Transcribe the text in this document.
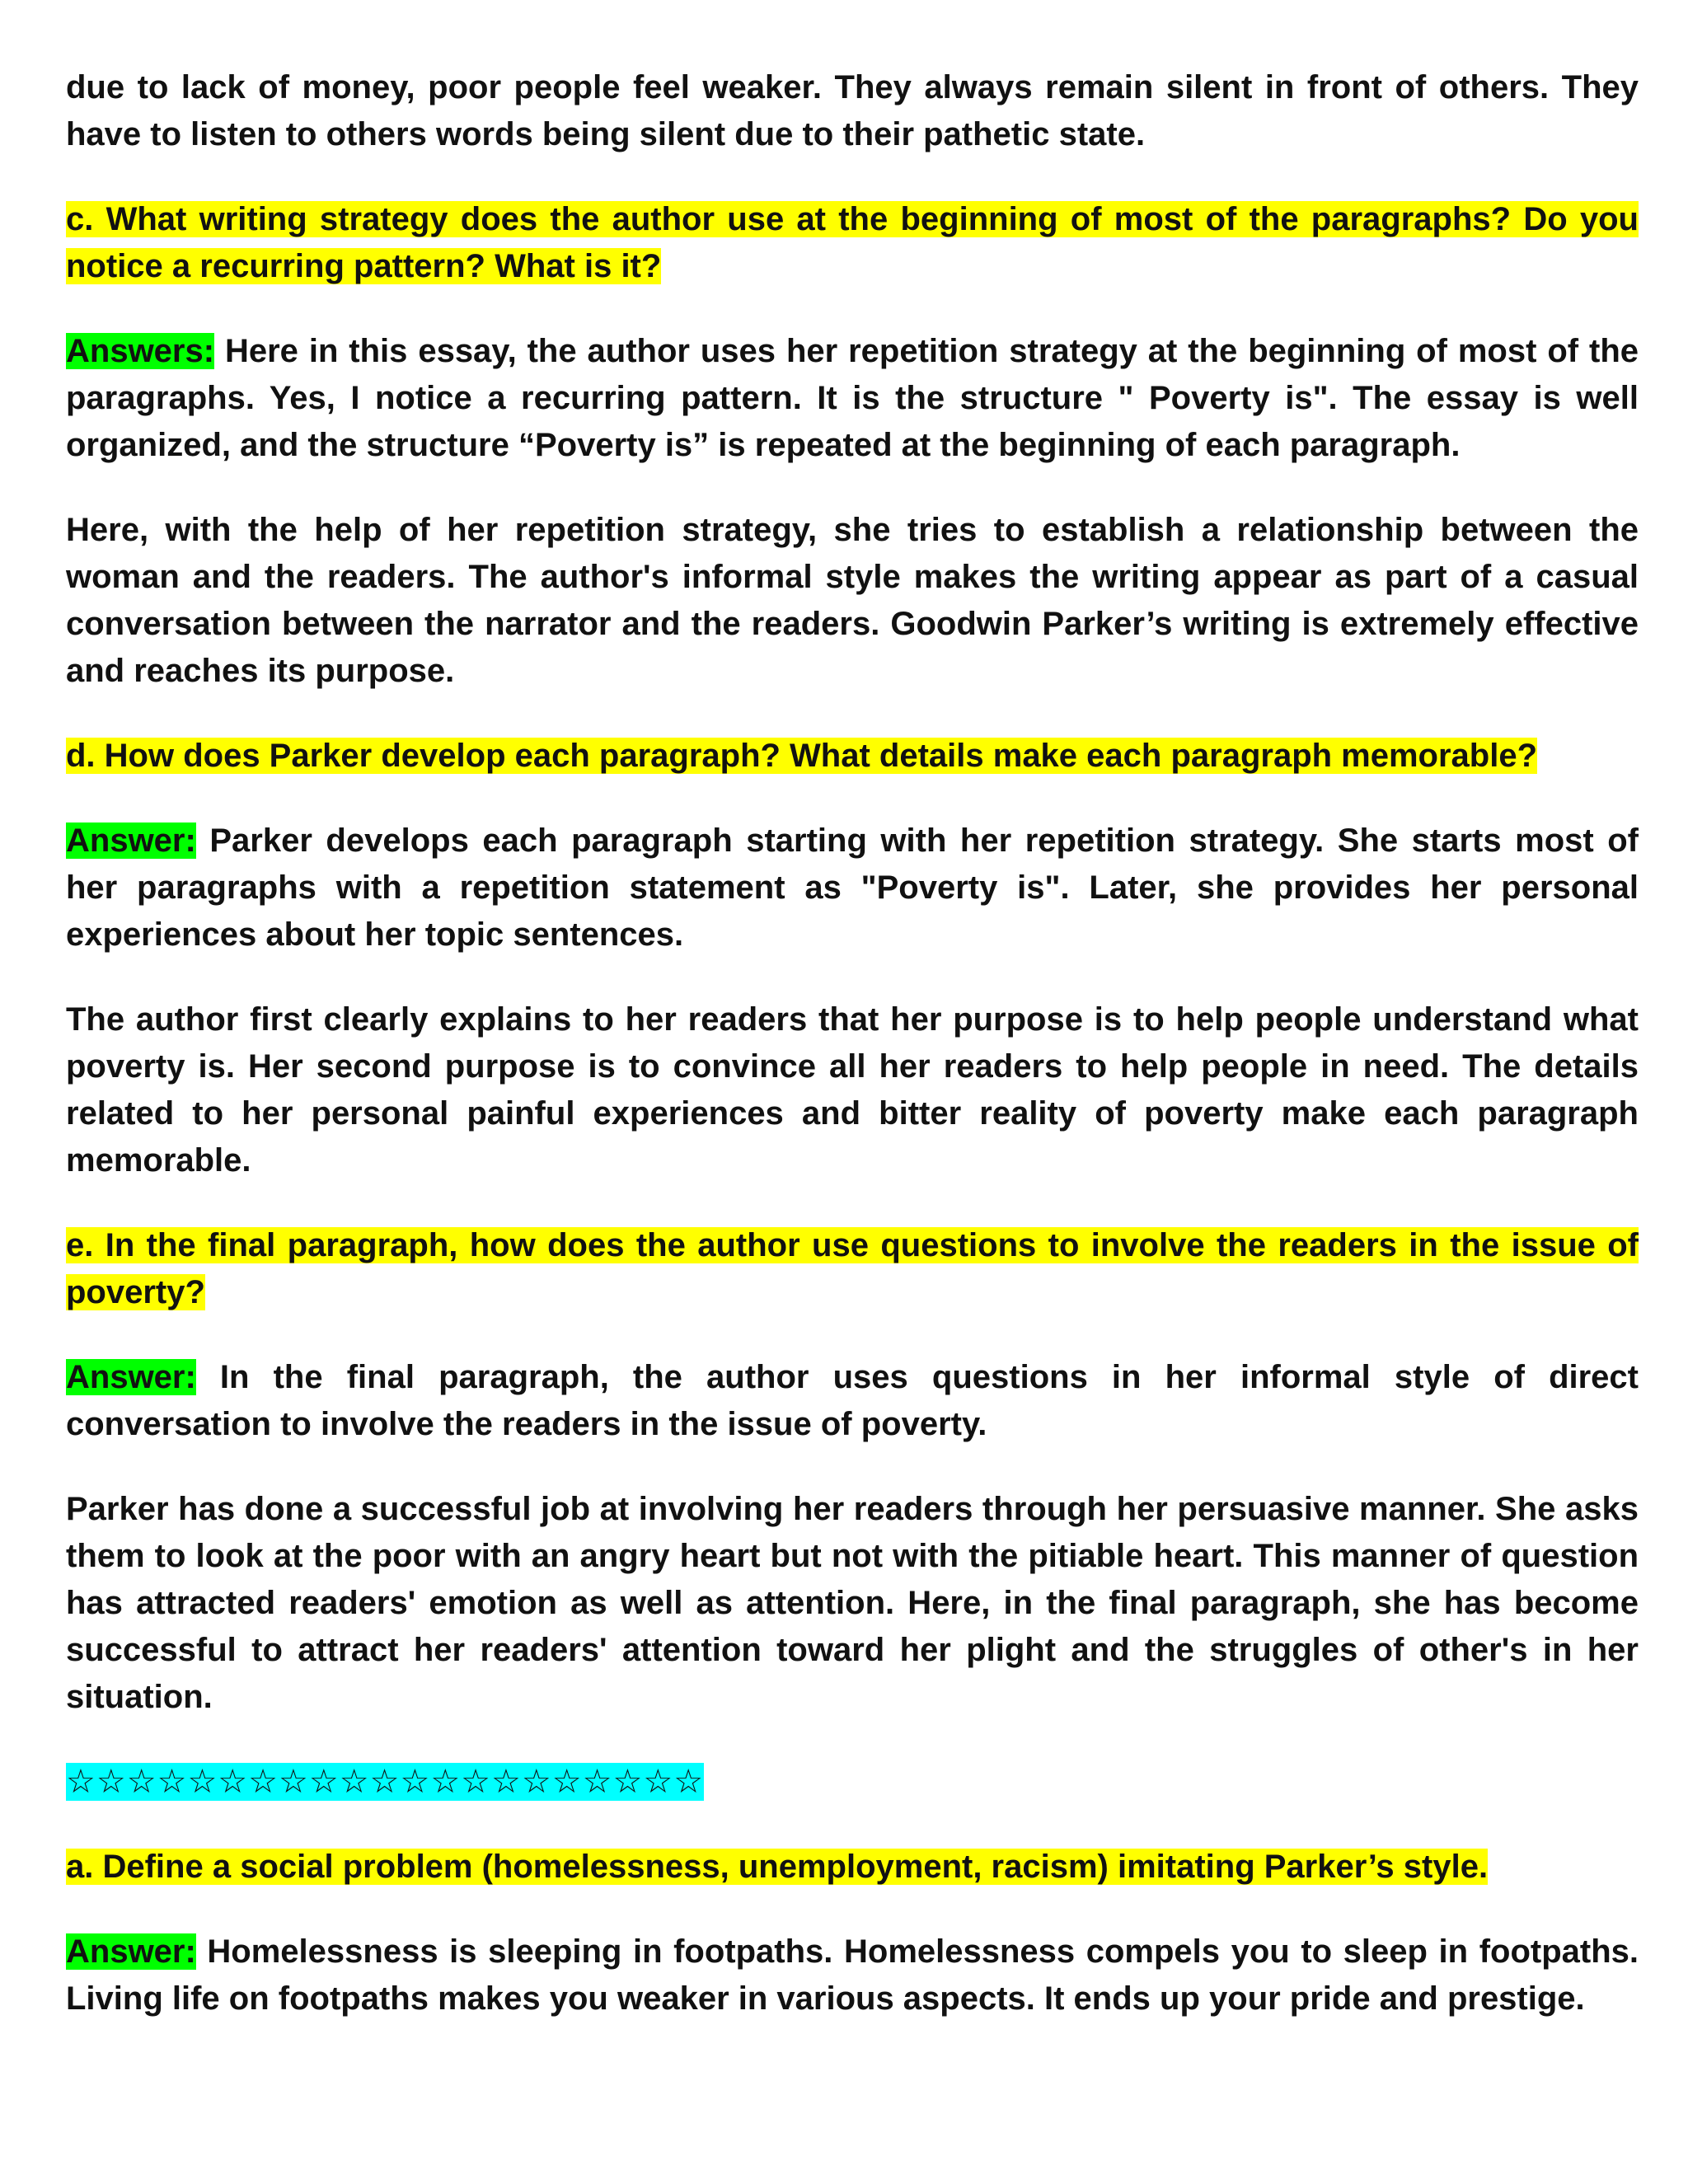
due to lack of money, poor people feel weaker. They always remain silent in front of others. They have to listen to others words being silent due to their pathetic state.

c. What writing strategy does the author use at the beginning of most of the paragraphs? Do you notice a recurring pattern? What is it?

Answers: Here in this essay, the author uses her repetition strategy at the beginning of most of the paragraphs. Yes, I notice a recurring pattern. It is the structure " Poverty is". The essay is well organized, and the structure “Poverty is” is repeated at the beginning of each paragraph.

Here, with the help of her repetition strategy, she tries to establish a relationship between the woman and the readers. The author's informal style makes the writing appear as part of a casual conversation between the narrator and the readers. Goodwin Parker’s writing is extremely effective and reaches its purpose.

d. How does Parker develop each paragraph? What details make each paragraph memorable?

Answer: Parker develops each paragraph starting with her repetition strategy. She starts most of her paragraphs with a repetition statement as "Poverty is". Later, she provides her personal experiences about her topic sentences.

The author first clearly explains to her readers that her purpose is to help people understand what poverty is. Her second purpose is to convince all her readers to help people in need. The details related to her personal painful experiences and bitter reality of poverty make each paragraph memorable.

e. In the final paragraph, how does the author use questions to involve the readers in the issue of poverty?

Answer: In the final paragraph, the author uses questions in her informal style of direct conversation to involve the readers in the issue of poverty.

Parker has done a successful job at involving her readers through her persuasive manner. She asks them to look at the poor with an angry heart but not with the pitiable heart. This manner of question has attracted readers' emotion as well as attention. Here, in the final paragraph, she has become successful to attract her readers' attention toward her plight and the struggles of other's in her situation.

☆☆☆☆☆☆☆☆☆☆☆☆☆☆☆☆☆☆☆☆☆

a. Define a social problem (homelessness, unemployment, racism) imitating Parker’s style.

Answer: Homelessness is sleeping in footpaths. Homelessness compels you to sleep in footpaths. Living life on footpaths makes you weaker in various aspects. It ends up your pride and prestige.
